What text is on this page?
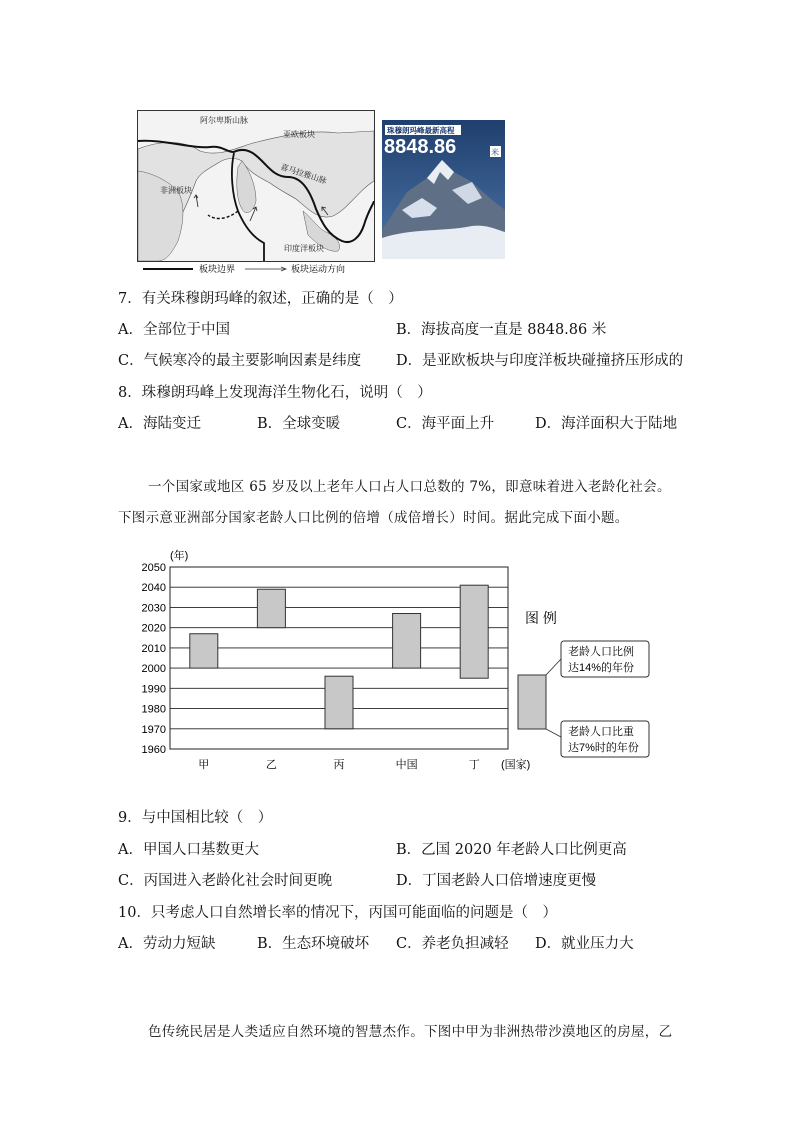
阿尔卑斯山脉
亚欧板块
喜马拉雅山脉
非洲板块
印度洋板块
板块边界	板块运动方向
珠穆朗玛峰最新高程
8848.86	米
7．有关珠穆朗玛峰的叙述，正确的是（　）
A．全部位于中国	B．海拔高度一直是 8848.86 米
C．气候寒冷的最主要影响因素是纬度 D．是亚欧板块与印度洋板块碰撞挤压形成的
8．珠穆朗玛峰上发现海洋生物化石，说明（　）
A．海陆变迁	B．全球变暖	C．海平面上升	D．海洋面积大于陆地
一个国家或地区 65 岁及以上老年人口占人口总数的 7%，即意味着进入老龄化社会。
下图示意亚洲部分国家老龄人口比例的倍增（成倍增长）时间。据此完成下面小题。
1960
1970
1980
1990
2000
2010
2020
2030
2040
2050
甲	乙	丙	中国	丁
(年)
(国家)
图 例
老龄人口比例
达14%的年份
老龄人口比重
达7%时的年份
9．与中国相比较（　）
A．甲国人口基数更大	B．乙国 2020 年老龄人口比例更高
C．丙国进入老龄化社会时间更晚	D．丁国老龄人口倍增速度更慢
10．只考虑人口自然增长率的情况下，丙国可能面临的问题是（　）
A．劳动力短缺	B．生态环境破坏 C．养老负担减轻 D．就业压力大
色传统民居是人类适应自然环境的智慧杰作。下图中甲为非洲热带沙漠地区的房屋，乙
